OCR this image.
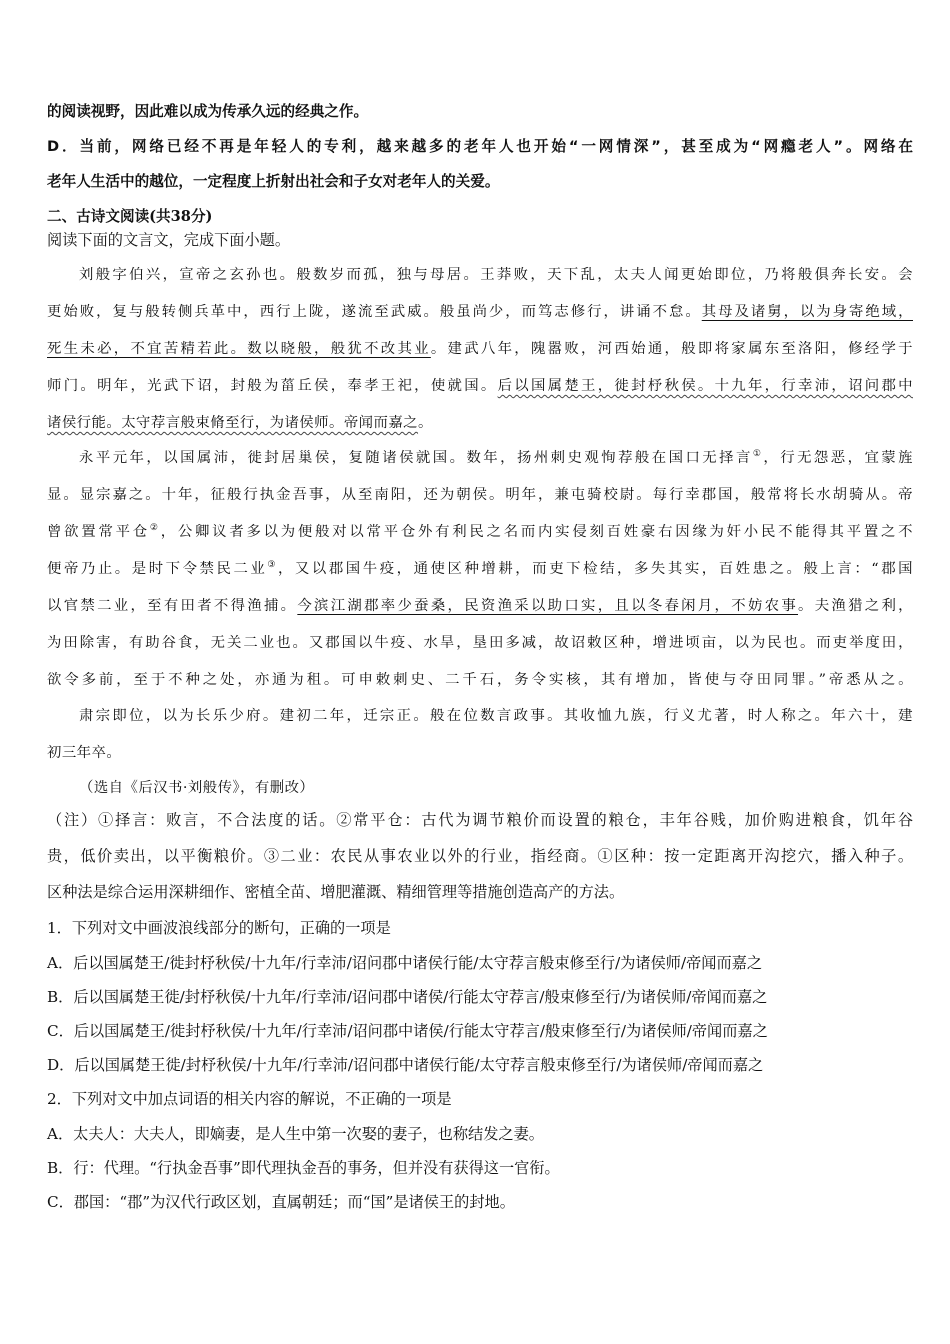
的阅读视野，因此难以成为传承久远的经典之作。
D．当前，网络已经不再是年轻人的专利，越来越多的老年人也开始“一网情深”，甚至成为“网瘾老人”。网络在
老年人生活中的越位，一定程度上折射出社会和子女对老年人的关爱。
二、古诗文阅读(共38分)
阅读下面的文言文，完成下面小题。
刘般字伯兴，宣帝之玄孙也。般数岁而孤，独与母居。王莽败，天下乱，太夫人闻更始即位，乃将般俱奔长安。会
更始败，复与般转侧兵革中，西行上陇，遂流至武威。般虽尚少，而笃志修行，讲诵不怠。其母及诸舅，以为身寄绝域，
死生未必，不宜苦精若此。数以晓般，般犹不改其业。建武八年，隗嚣败，河西始通，般即将家属东至洛阳，修经学于
师门。明年，光武下诏，封般为菑丘侯，奉孝王祀，使就国。后以国属楚王，徙封杼秋侯。十九年，行幸沛，诏问郡中
诸侯行能。太守荐言般束脩至行，为诸侯师。帝闻而嘉之。
永平元年，以国属沛，徙封居巢侯，复随诸侯就国。数年，扬州刺史观恂荐般在国口无择言①，行无怨恶，宜蒙旌
显。显宗嘉之。十年，征般行执金吾事，从至南阳，还为朝侯。明年，兼屯骑校尉。每行幸郡国，般常将长水胡骑从。帝
曾欲置常平仓②，公卿议者多以为便般对以常平仓外有利民之名而内实侵刻百姓豪右因缘为奸小民不能得其平置之不
便帝乃止。是时下令禁民二业③，又以郡国牛疫，通使区种增耕，而吏下检结，多失其实，百姓患之。般上言：“郡国
以官禁二业，至有田者不得渔捕。今滨江湖郡率少蚕桑，民资渔采以助口实，且以冬春闲月，不妨农事。夫渔猎之利，
为田除害，有助谷食，无关二业也。又郡国以牛疫、水旱，垦田多减，故诏敕区种，增进顷亩，以为民也。而吏举度田，
欲令多前，至于不种之处，亦通为租。可申敕刺史、二千石，务令实核，其有增加，皆使与夺田同罪。”帝悉从之。
肃宗即位，以为长乐少府。建初二年，迁宗正。般在位数言政事。其收恤九族，行义尤著，时人称之。年六十，建
初三年卒。
（选自《后汉书·刘般传》，有删改）
（注）①择言：败言，不合法度的话。②常平仓：古代为调节粮价而设置的粮仓，丰年谷贱，加价购进粮食，饥年谷
贵，低价卖出，以平衡粮价。③二业：农民从事农业以外的行业，指经商。①区种：按一定距离开沟挖穴，播入种子。
区种法是综合运用深耕细作、密植全苗、增肥灌溉、精细管理等措施创造高产的方法。
1．下列对文中画波浪线部分的断句，正确的一项是
A．后以国属楚王/徙封杼秋侯/十九年/行幸沛/诏问郡中诸侯行能/太守荐言般束修至行/为诸侯师/帝闻而嘉之
B．后以国属楚王徙/封杼秋侯/十九年/行幸沛/诏问郡中诸侯/行能太守荐言/般束修至行/为诸侯师/帝闻而嘉之
C．后以国属楚王/徙封杼秋侯/十九年/行幸沛/诏问郡中诸侯/行能太守荐言/般束修至行/为诸侯师/帝闻而嘉之
D．后以国属楚王徙/封杼秋侯/十九年/行幸沛/诏问郡中诸侯行能/太守荐言般束修至行/为诸侯师/帝闻而嘉之
2．下列对文中加点词语的相关内容的解说，不正确的一项是
A．太夫人：大夫人，即嫡妻，是人生中第一次娶的妻子，也称结发之妻。
B．行：代理。“行执金吾事”即代理执金吾的事务，但并没有获得这一官衔。
C．郡国：“郡”为汉代行政区划，直属朝廷；而“国”是诸侯王的封地。
